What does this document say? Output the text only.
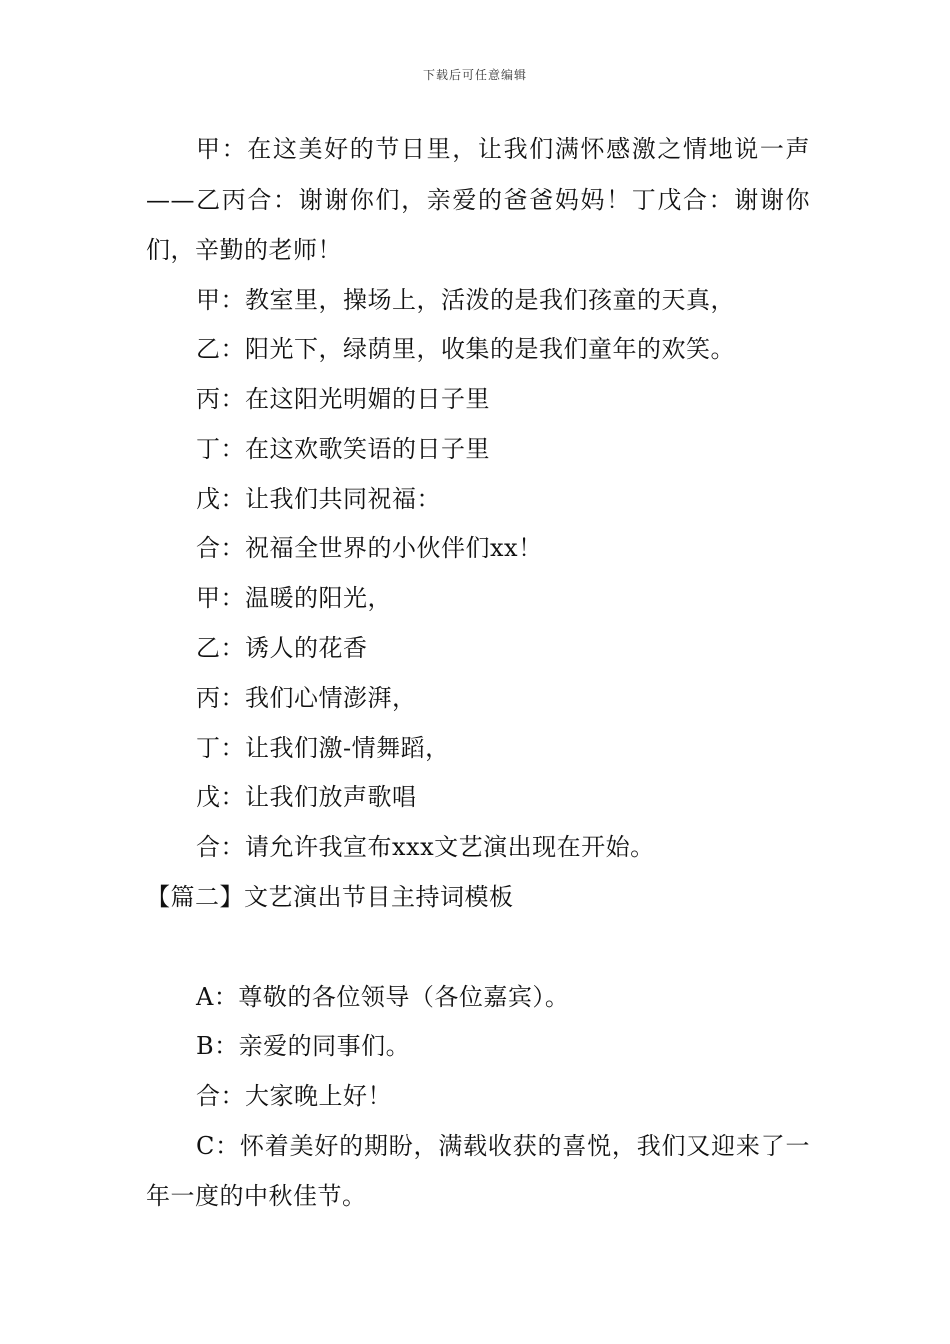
下载后可任意编辑

甲：在这美好的节日里，让我们满怀感激之情地说一声——乙丙合：谢谢你们，亲爱的爸爸妈妈！丁戊合：谢谢你们，辛勤的老师！

甲：教室里，操场上，活泼的是我们孩童的天真，

乙：阳光下，绿荫里，收集的是我们童年的欢笑。

丙：在这阳光明媚的日子里

丁：在这欢歌笑语的日子里

戊：让我们共同祝福：

合：祝福全世界的小伙伴们xx！

甲：温暖的阳光，

乙：诱人的花香

丙：我们心情澎湃，

丁：让我们激-情舞蹈，

戊：让我们放声歌唱

合：请允许我宣布xxx文艺演出现在开始。

【篇二】文艺演出节目主持词模板

A：尊敬的各位领导（各位嘉宾）。

B：亲爱的同事们。

合：大家晚上好！

C：怀着美好的期盼，满载收获的喜悦，我们又迎来了一年一度的中秋佳节。
